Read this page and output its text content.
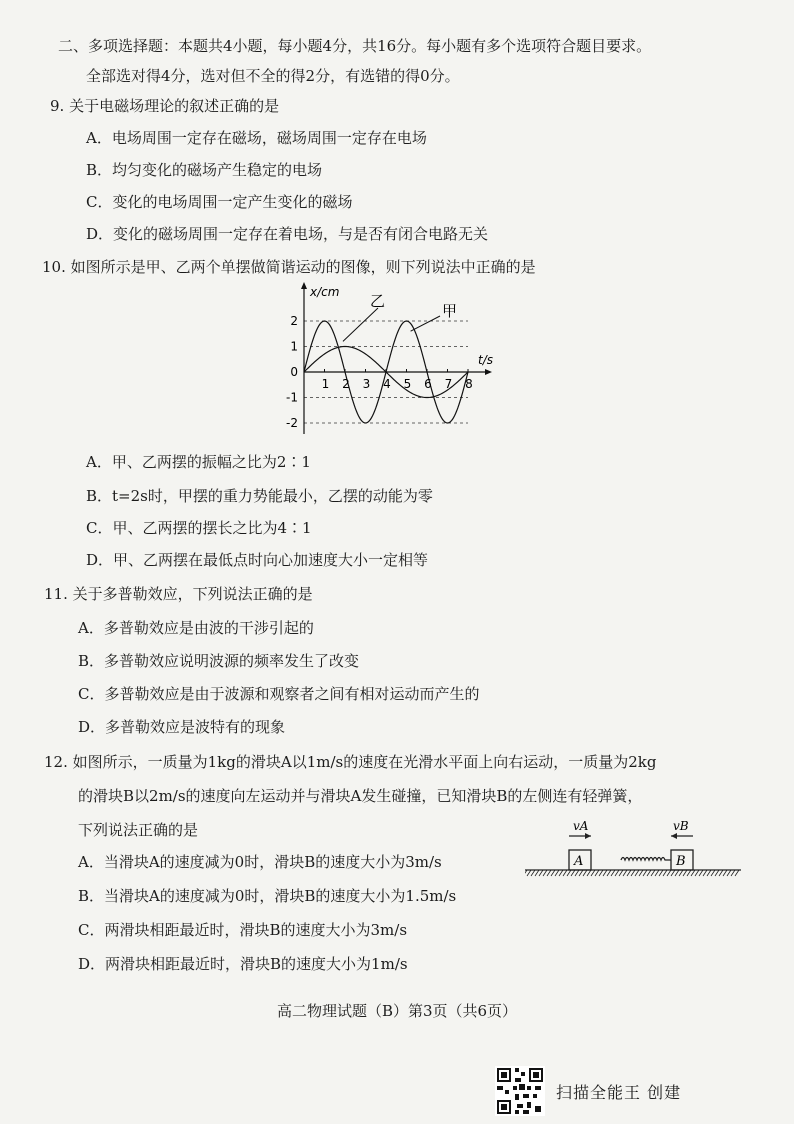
二、多项选择题：本题共4小题，每小题4分，共16分。每小题有多个选项符合题目要求。
全部选对得4分，选对但不全的得2分，有选错的得0分。
9. 关于电磁场理论的叙述正确的是
A．电场周围一定存在磁场，磁场周围一定存在电场
B．均匀变化的磁场产生稳定的电场
C．变化的电场周围一定产生变化的磁场
D．变化的磁场周围一定存在着电场，与是否有闭合电路无关
10. 如图所示是甲、乙两个单摆做简谐运动的图像，则下列说法中正确的是
x/cm
t/s
2
1
0
-1
-2
1 2 3 4 5 6 7 8
甲
乙
A．甲、乙两摆的振幅之比为2∶1
B．t=2s时，甲摆的重力势能最小，乙摆的动能为零
C．甲、乙两摆的摆长之比为4∶1
D．甲、乙两摆在最低点时向心加速度大小一定相等
11. 关于多普勒效应，下列说法正确的是
A．多普勒效应是由波的干涉引起的
B．多普勒效应说明波源的频率发生了改变
C．多普勒效应是由于波源和观察者之间有相对运动而产生的
D．多普勒效应是波特有的现象
12. 如图所示，一质量为1kg的滑块A以1m/s的速度在光滑水平面上向右运动，一质量为2kg
的滑块B以2m/s的速度向左运动并与滑块A发生碰撞，已知滑块B的左侧连有轻弹簧，
下列说法正确的是
A．当滑块A的速度减为0时，滑块B的速度大小为3m/s
B．当滑块A的速度减为0时，滑块B的速度大小为1.5m/s
C．两滑块相距最近时，滑块B的速度大小为3m/s
D．两滑块相距最近时，滑块B的速度大小为1m/s
vA	vB
A	B
高二物理试题（B）第3页（共6页）
扫描全能王 创建
